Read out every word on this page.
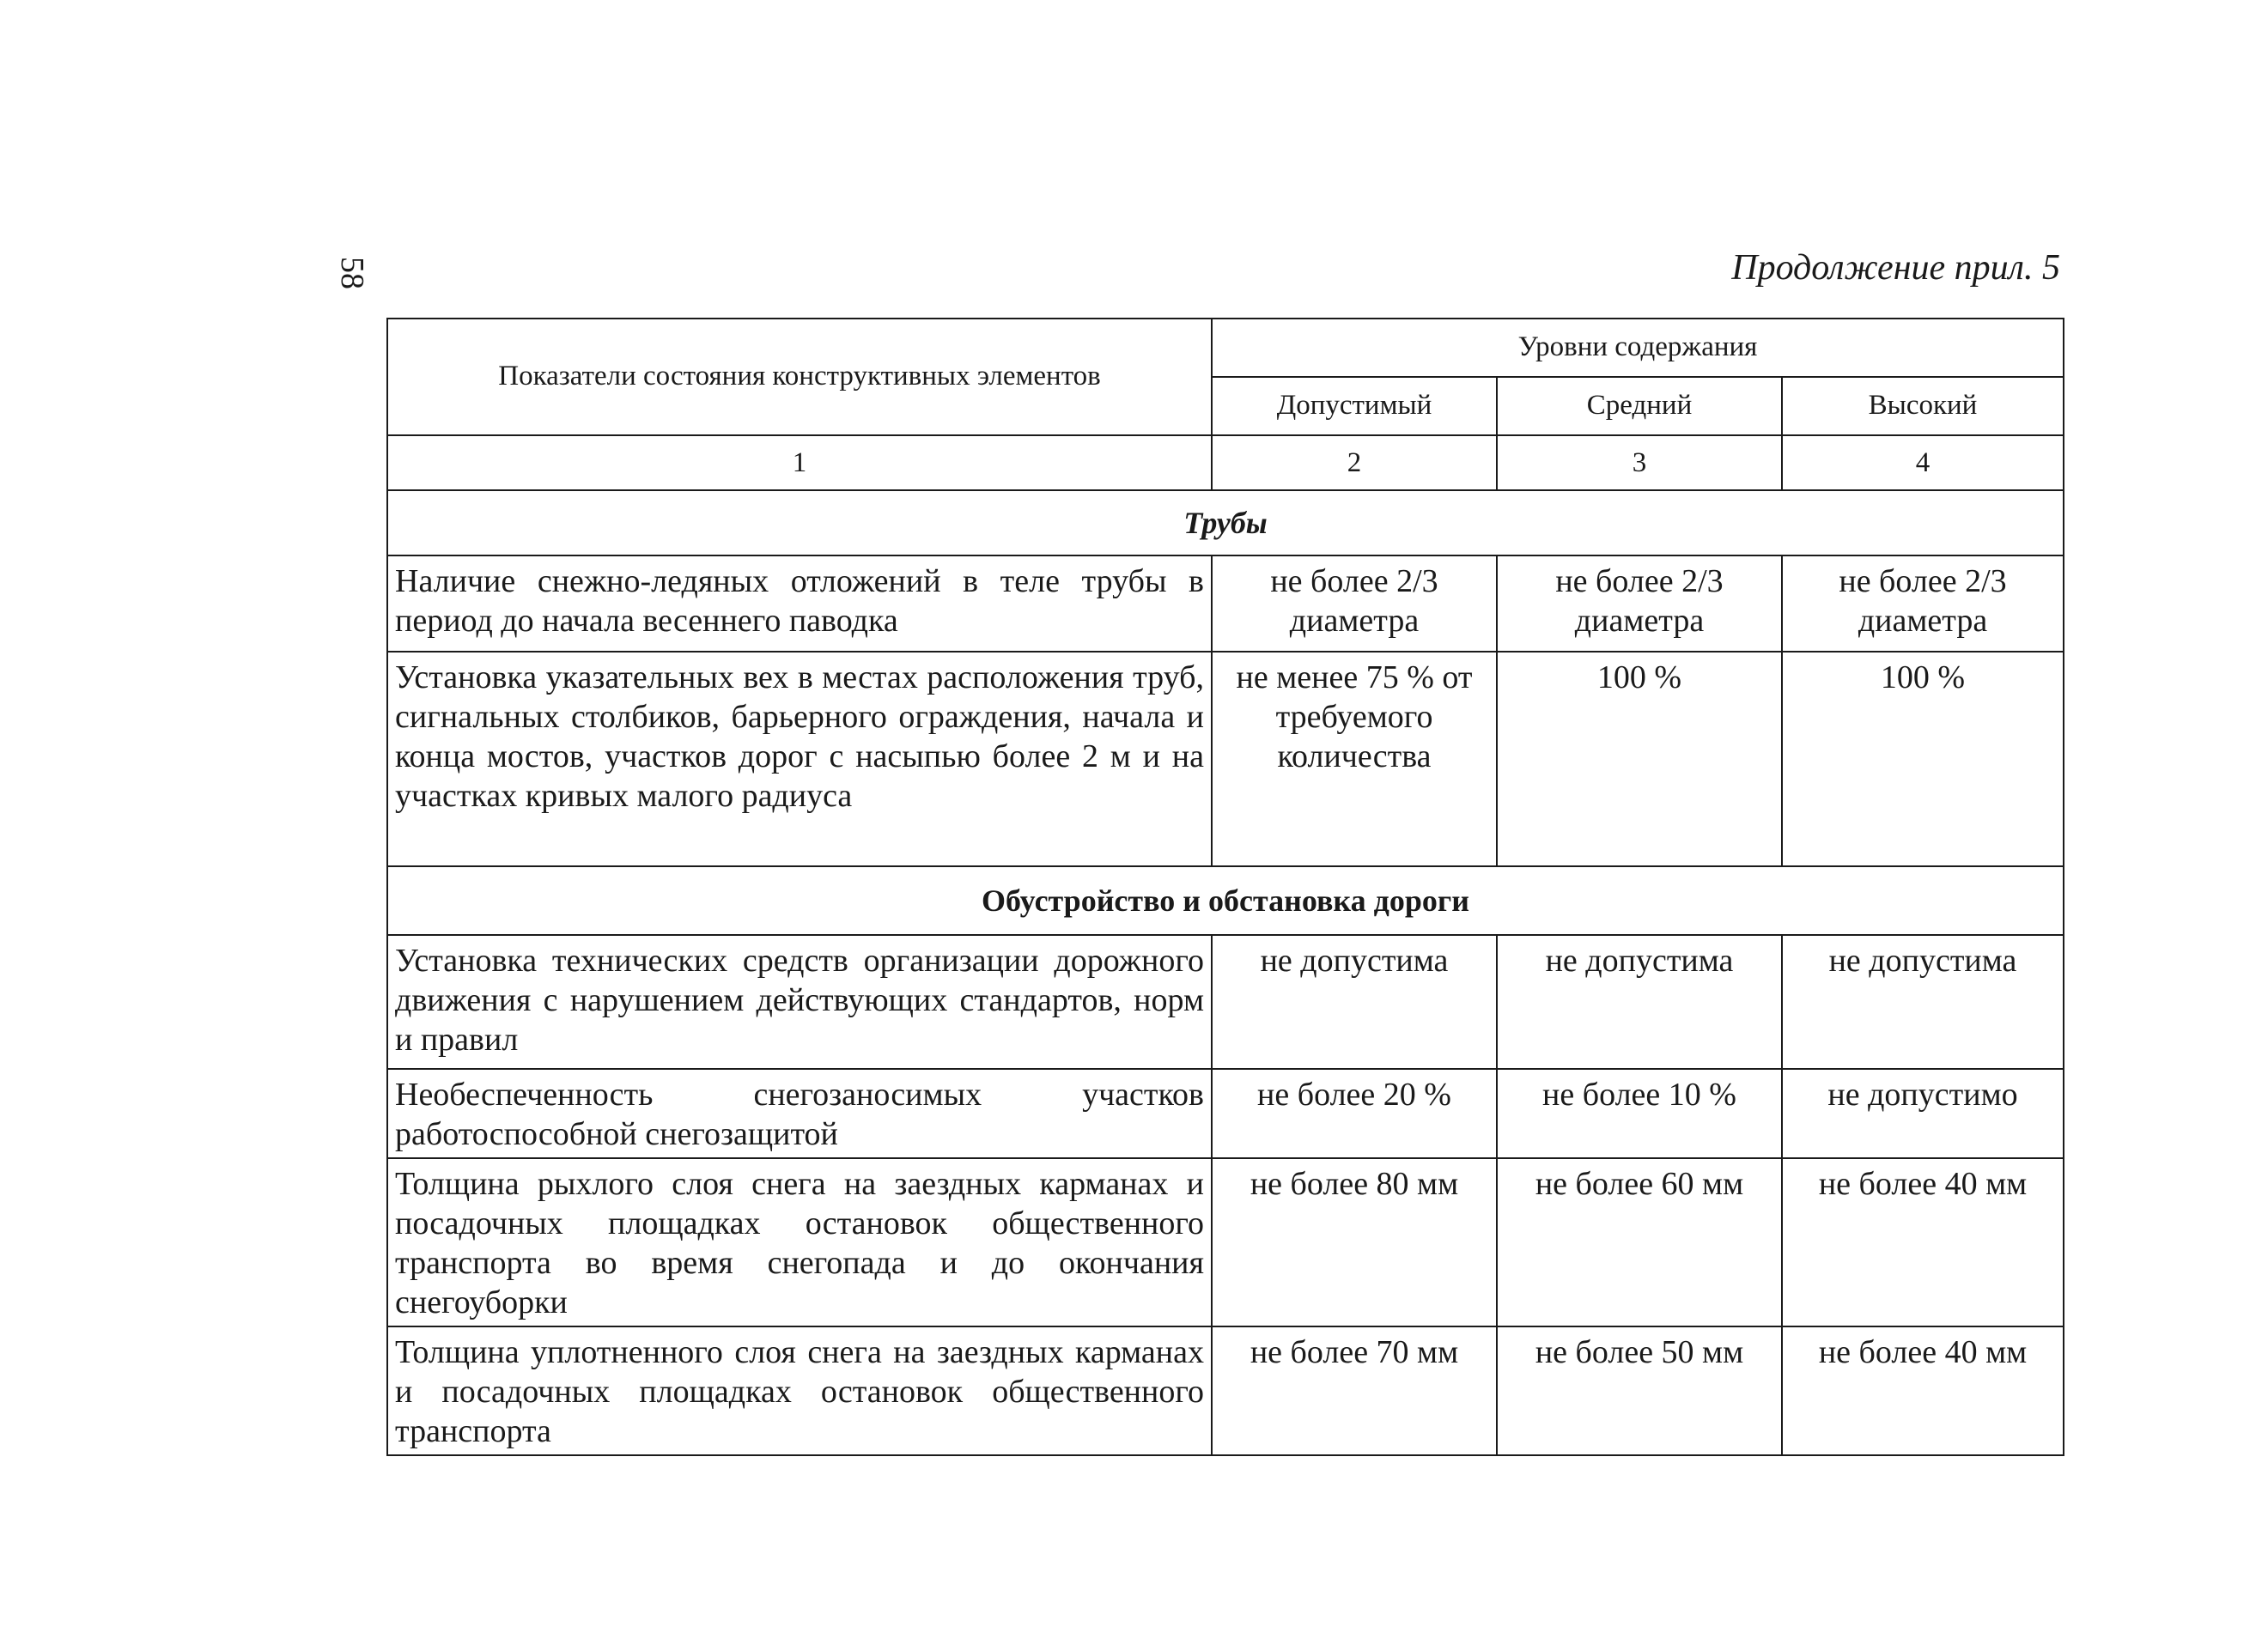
58	Продолжение прил. 5
Показатели состояния конструктивных элементов	Уровни содержания		
	Допустимый	Средний	Высокий
1	2	3	4
Трубы			
Наличие снежно-ледяных отложений в теле трубы в период до начала весеннего паводка	не более 2/3 диаметра	не более 2/3 диаметра	не более 2/3 диаметра
Установка указательных вех в местах расположения труб, сигнальных столбиков, барьерного ограждения, начала и конца мостов, участков дорог с насыпью более 2 м и на участках кривых малого радиуса	не менее 75 % от требуемого количества	100 %	100 %
Обустройство и обстановка дороги			
Установка технических средств организации дорожного движения с нарушением действующих стандартов, норм и правил	не допустима	не допустима	не допустима
Необеспеченность снегозаносимых участков работоспособной снегозащитой	не более 20 %	не более 10 %	не допустимо
Толщина рыхлого слоя снега на заездных карманах и посадочных площадках остановок общественного транспорта во время снегопада и до окончания снегоуборки	не более 80 мм	не более 60 мм	не более 40 мм
Толщина уплотненного слоя снега на заездных карманах и посадочных площадках остановок общественного транспорта	не более 70 мм	не более 50 мм	не более 40 мм
